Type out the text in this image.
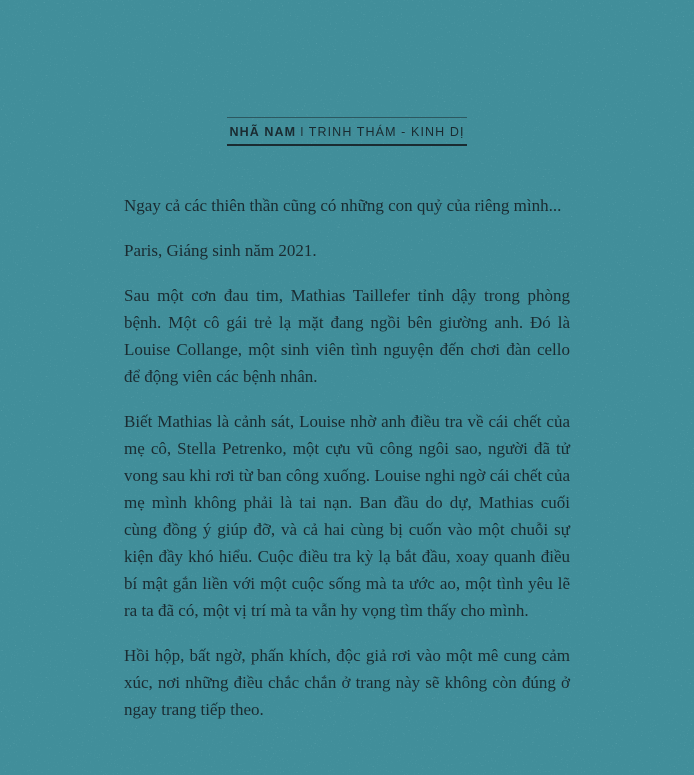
NHÃ NAM I TRINH THÁM - KINH DỊ

Ngay cả các thiên thần cũng có những con quỷ của riêng mình...

Paris, Giáng sinh năm 2021.

Sau một cơn đau tim, Mathias Taillefer tỉnh dậy trong phòng bệnh. Một cô gái trẻ lạ mặt đang ngồi bên giường anh. Đó là Louise Collange, một sinh viên tình nguyện đến chơi đàn cello để động viên các bệnh nhân.

Biết Mathias là cảnh sát, Louise nhờ anh điều tra về cái chết của mẹ cô, Stella Petrenko, một cựu vũ công ngôi sao, người đã tử vong sau khi rơi từ ban công xuống. Louise nghi ngờ cái chết của mẹ mình không phải là tai nạn. Ban đầu do dự, Mathias cuối cùng đồng ý giúp đỡ, và cả hai cùng bị cuốn vào một chuỗi sự kiện đầy khó hiểu. Cuộc điều tra kỳ lạ bắt đầu, xoay quanh điều bí mật gắn liền với một cuộc sống mà ta ước ao, một tình yêu lẽ ra ta đã có, một vị trí mà ta vẫn hy vọng tìm thấy cho mình.

Hồi hộp, bất ngờ, phấn khích, độc giả rơi vào một mê cung cảm xúc, nơi những điều chắc chắn ở trang này sẽ không còn đúng ở ngay trang tiếp theo.
